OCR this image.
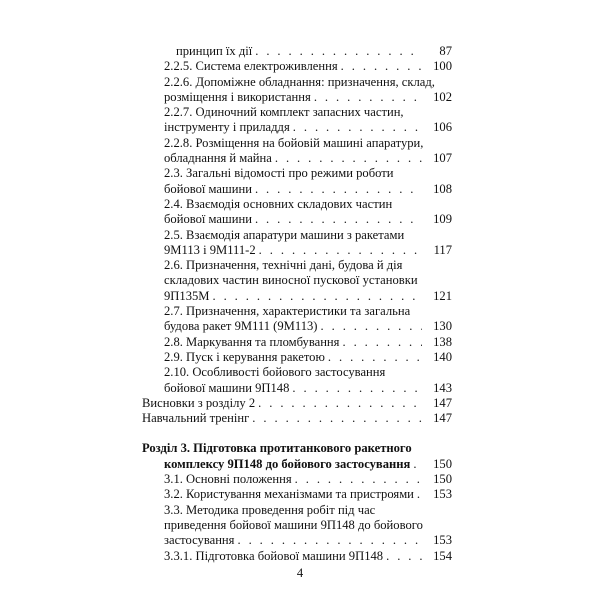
принцип їх дії . . .	87
2.2.5. Система електроживлення . . .	100
2.2.6. Допоміжне обладнання: призначення, склад,
розміщення і використання . . .	102
2.2.7. Одиночний комплект запасних частин,
інструменту і приладдя . . .	106
2.2.8. Розміщення на бойовій машині апаратури,
обладнання й майна . . .	107
2.3. Загальні відомості про режими роботи
бойової машини . . .	108
2.4. Взаємодія основних складових частин
бойової машини . . .	109
2.5. Взаємодія апаратури машини з ракетами
9М113 і 9М111-2 . . .	117
2.6. Призначення, технічні дані, будова й дія
складових частин виносної пускової установки
9П135М . . .	121
2.7. Призначення, характеристики та загальна
будова ракет 9М111 (9М113) . . .	130
2.8. Маркування та пломбування . . .	138
2.9. Пуск і керування ракетою . . .	140
2.10. Особливості бойового застосування
бойової машини 9П148 . . .	143
Висновки з розділу 2 . . .	147
Навчальний тренінг . . .	147
Розділ 3. Підготовка протитанкового ракетного
комплексу 9П148 до бойового застосування . . .	150
3.1. Основні положення . . .	150
3.2. Користування механізмами та пристроями . . .	153
3.3. Методика проведення робіт під час
приведення бойової машини 9П148 до бойового
застосування . . .	153
3.3.1. Підготовка бойової машини 9П148 . . .	154
4
